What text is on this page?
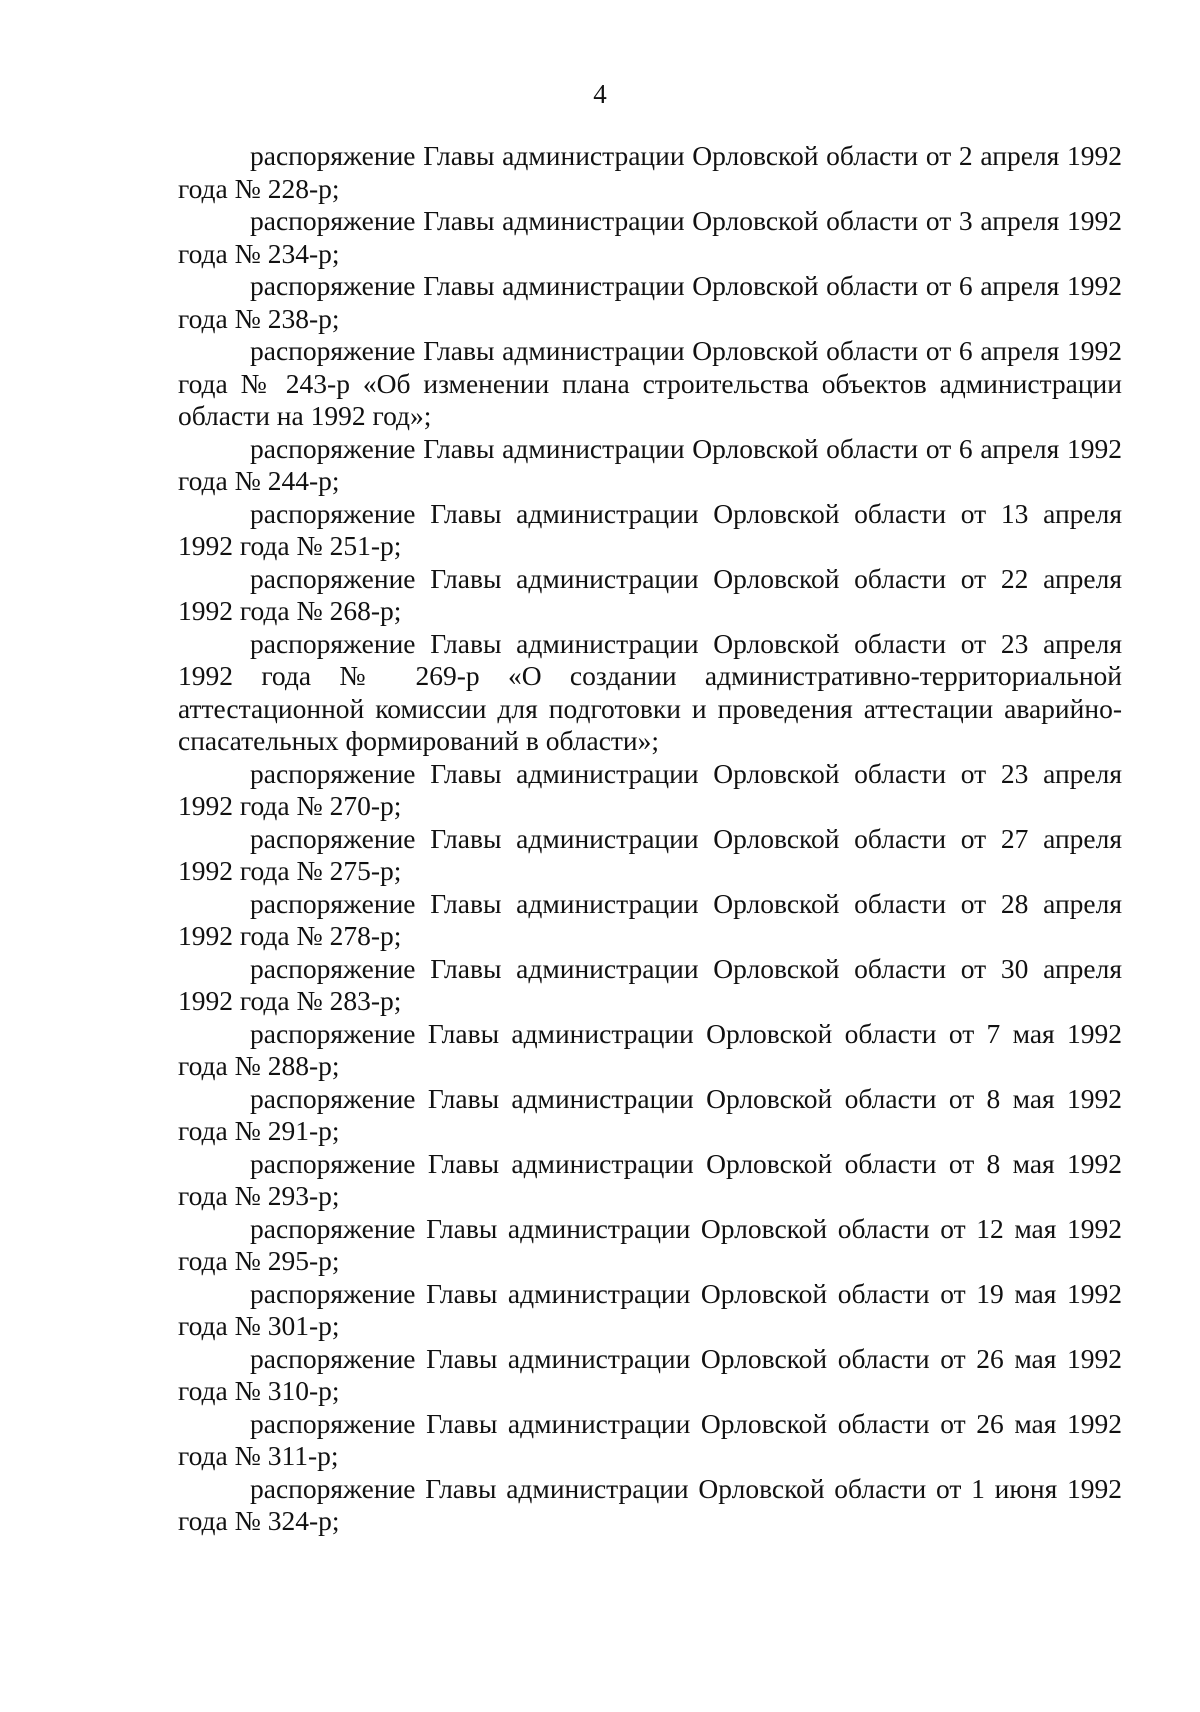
4

распоряжение Главы администрации Орловской области от 2 апреля 1992 года № 228-р;

распоряжение Главы администрации Орловской области от 3 апреля 1992 года № 234-р;

распоряжение Главы администрации Орловской области от 6 апреля 1992 года № 238-р;

распоряжение Главы администрации Орловской области от 6 апреля 1992 года № 243-р «Об изменении плана строительства объектов администрации области на 1992 год»;

распоряжение Главы администрации Орловской области от 6 апреля 1992 года № 244-р;

распоряжение Главы администрации Орловской области от 13 апреля 1992 года № 251-р;

распоряжение Главы администрации Орловской области от 22 апреля 1992 года № 268-р;

распоряжение Главы администрации Орловской области от 23 апреля 1992 года № 269-р «О создании административно-территориальной аттестационной комиссии для подготовки и проведения аттестации аварийно-спасательных формирований в области»;

распоряжение Главы администрации Орловской области от 23 апреля 1992 года № 270-р;

распоряжение Главы администрации Орловской области от 27 апреля 1992 года № 275-р;

распоряжение Главы администрации Орловской области от 28 апреля 1992 года № 278-р;

распоряжение Главы администрации Орловской области от 30 апреля 1992 года № 283-р;

распоряжение Главы администрации Орловской области от 7 мая 1992 года № 288-р;

распоряжение Главы администрации Орловской области от 8 мая 1992 года № 291-р;

распоряжение Главы администрации Орловской области от 8 мая 1992 года № 293-р;

распоряжение Главы администрации Орловской области от 12 мая 1992 года № 295-р;

распоряжение Главы администрации Орловской области от 19 мая 1992 года № 301-р;

распоряжение Главы администрации Орловской области от 26 мая 1992 года № 310-р;

распоряжение Главы администрации Орловской области от 26 мая 1992 года № 311-р;

распоряжение Главы администрации Орловской области от 1 июня 1992 года № 324-р;
